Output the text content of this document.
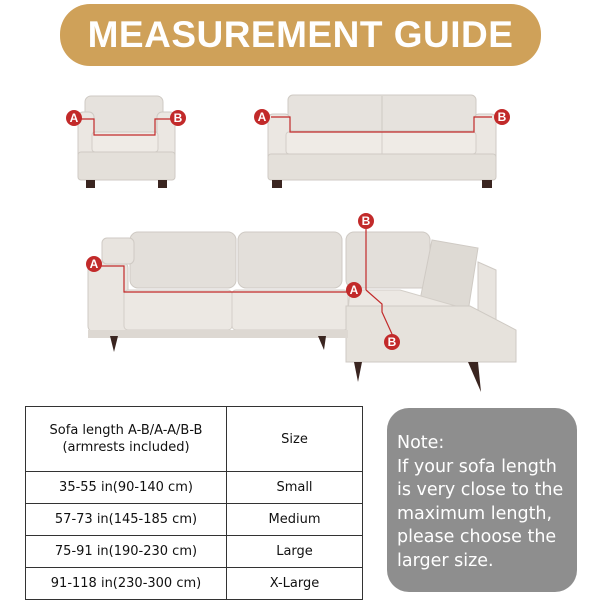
MEASUREMENT GUIDE
A	B	A	B
A
B
A
B
Sofa length A-B/A-A/B-B
(armrests included)	Size
35-55 in(90-140 cm)	Small
57-73 in(145-185 cm)	Medium
75-91 in(190-230 cm)	Large
91-118 in(230-300 cm)	X-Large
Note:
If your sofa length
is very close to the
maximum length,
please choose the
larger size.
